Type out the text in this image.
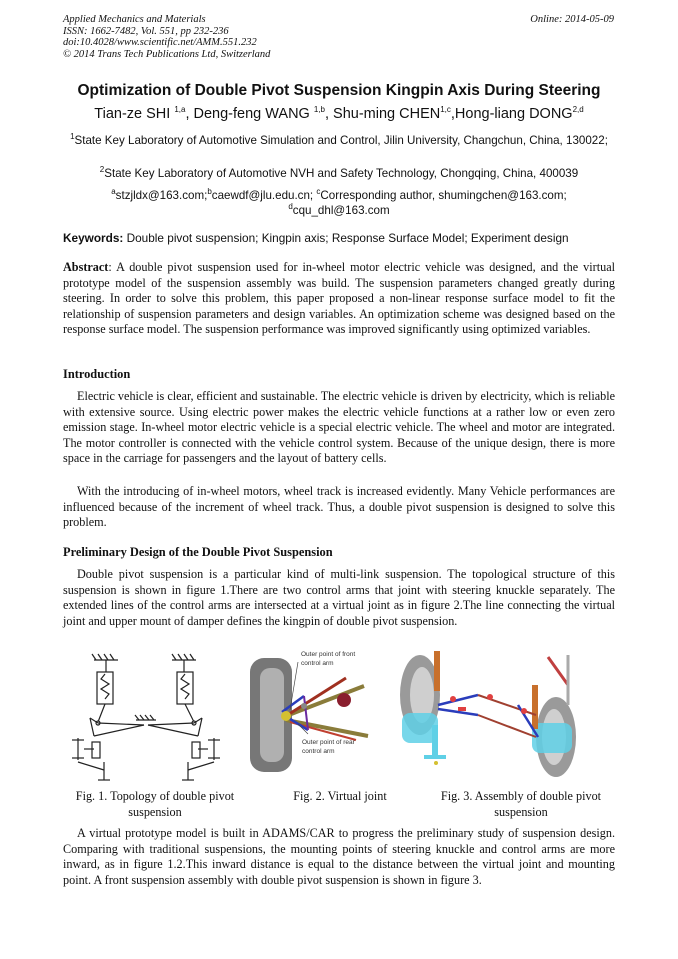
Applied Mechanics and Materials
ISSN: 1662-7482, Vol. 551, pp 232-236
doi:10.4028/www.scientific.net/AMM.551.232
© 2014 Trans Tech Publications Ltd, Switzerland
Online: 2014-05-09
Optimization of Double Pivot Suspension Kingpin Axis During Steering
Tian-ze SHI $^{1,a}$, Deng-feng WANG $^{1,b}$, Shu-ming CHEN$^{1,c}$,Hong-liang DONG$^{2,d}$
$^1$State Key Laboratory of Automotive Simulation and Control, Jilin University, Changchun, China, 130022;
$^2$State Key Laboratory of Automotive NVH and Safety Technology, Chongqing, China, 400039
$^a$stzjldx@163.com;$^b$caewdf@jlu.edu.cn; $^c$Corresponding author, shumingchen@163.com;
$^d$cqu_dhl@163.com
Keywords: Double pivot suspension; Kingpin axis; Response Surface Model; Experiment design
Abstract: A double pivot suspension used for in-wheel motor electric vehicle was designed, and the virtual prototype model of the suspension assembly was build. The suspension parameters changed greatly during steering. In order to solve this problem, this paper proposed a non-linear response surface model to fit the relationship of suspension parameters and design variables. An optimization scheme was designed based on the response surface model. The suspension performance was improved significantly using optimized variables.
Introduction
Electric vehicle is clear, efficient and sustainable. The electric vehicle is driven by electricity, which is reliable with extensive source. Using electric power makes the electric vehicle functions at a rather low or even zero emission stage. In-wheel motor electric vehicle is a special electric vehicle. The wheel and motor are integrated. The motor controller is connected with the vehicle control system. Because of the unique design, there is more space in the carriage for passengers and the layout of battery cells.
With the introducing of in-wheel motors, wheel track is increased evidently. Many Vehicle performances are influenced because of the increment of wheel track. Thus, a double pivot suspension is designed to solve this problem.
Preliminary Design of the Double Pivot Suspension
Double pivot suspension is a particular kind of multi-link suspension. The topological structure of this suspension is shown in figure 1.There are two control arms that joint with steering knuckle separately. The extended lines of the control arms are intersected at a virtual joint as in figure 2.The line connecting the virtual joint and upper mount of damper defines the kingpin of double pivot suspension.
Outer point of front
control arm
Outer point of rear
control arm
Fig. 1. Topology of double pivot suspension
Fig. 2. Virtual joint	Fig. 3. Assembly of double pivot suspension
A virtual prototype model is built in ADAMS/CAR to progress the preliminary study of suspension design. Comparing with traditional suspensions, the mounting points of steering knuckle and control arms are more inward, as in figure 1.2.This inward distance is equal to the distance between the virtual joint and mounting point. A front suspension assembly with double pivot suspension is shown in figure 3.
